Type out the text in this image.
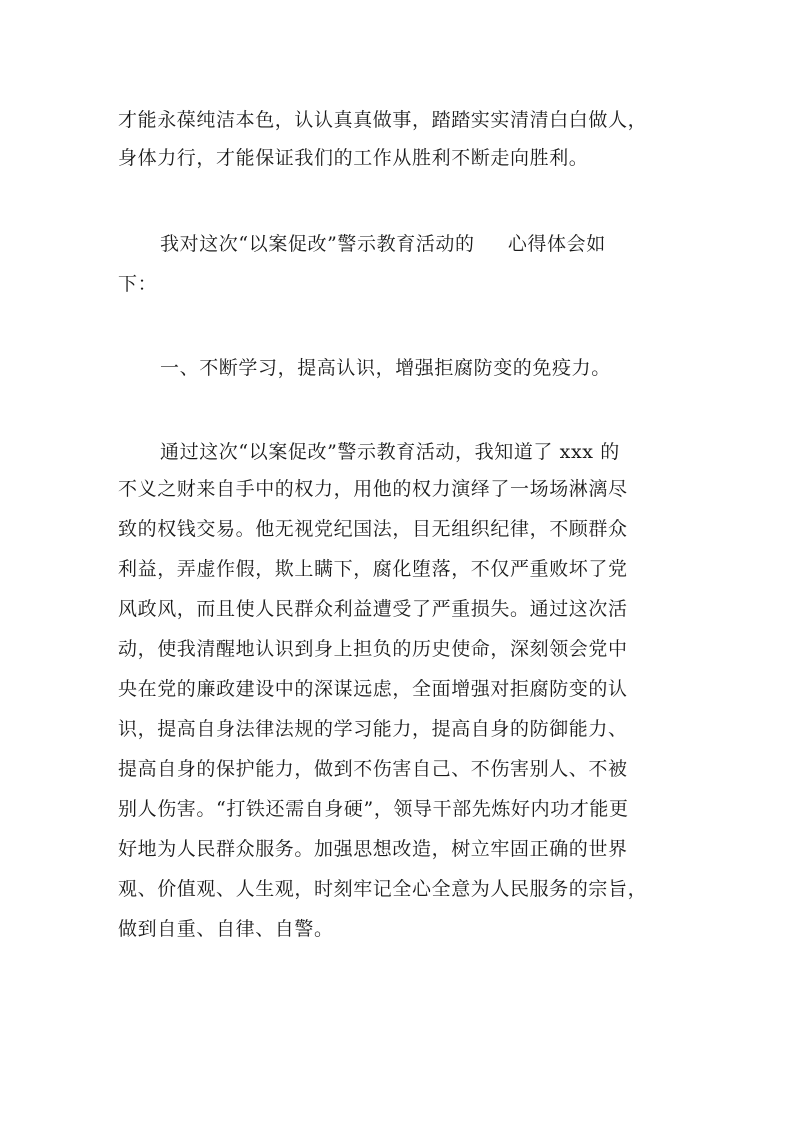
才能永葆纯洁本色，认认真真做事，踏踏实实清清白白做人，
身体力行，才能保证我们的工作从胜利不断走向胜利。
我对这次“以案促改”警示教育活动的     心得体会如
下：
一、不断学习，提高认识，增强拒腐防变的免疫力。
通过这次“以案促改”警示教育活动，我知道了 xxx 的
不义之财来自手中的权力，用他的权力演绎了一场场淋漓尽
致的权钱交易。他无视党纪国法，目无组织纪律，不顾群众
利益，弄虚作假，欺上瞒下，腐化堕落，不仅严重败坏了党
风政风，而且使人民群众利益遭受了严重损失。通过这次活
动，使我清醒地认识到身上担负的历史使命，深刻领会党中
央在党的廉政建设中的深谋远虑，全面增强对拒腐防变的认
识，提高自身法律法规的学习能力，提高自身的防御能力、
提高自身的保护能力，做到不伤害自己、不伤害别人、不被
别人伤害。“打铁还需自身硬”，领导干部先炼好内功才能更
好地为人民群众服务。加强思想改造，树立牢固正确的世界
观、价值观、人生观，时刻牢记全心全意为人民服务的宗旨，
做到自重、自律、自警。
